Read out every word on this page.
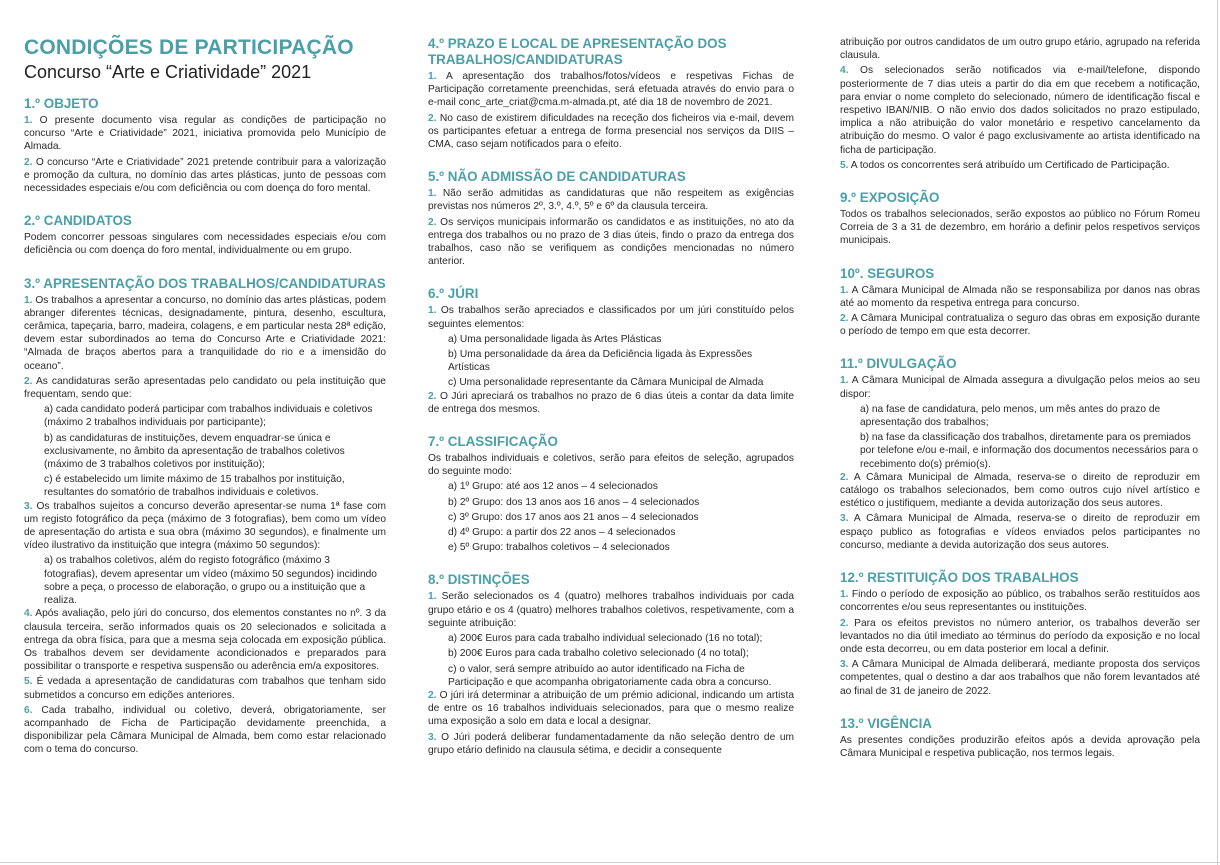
CONDIÇÕES DE PARTICIPAÇÃO
Concurso “Arte e Criatividade” 2021
1.º OBJETO
1. O presente documento visa regular as condições de participação no concurso “Arte e Criatividade” 2021, iniciativa promovida pelo Município de Almada.
2. O concurso “Arte e Criatividade” 2021 pretende contribuir para a valorização e promoção da cultura, no domínio das artes plásticas, junto de pessoas com necessidades especiais e/ou com deficiência ou com doença do foro mental.
2.º CANDIDATOS
Podem concorrer pessoas singulares com necessidades especiais e/ou com deficiência ou com doença do foro mental, individualmente ou em grupo.
3.º APRESENTAÇÃO DOS TRABALHOS/CANDIDATURAS
1. Os trabalhos a apresentar a concurso, no domínio das artes plásticas, podem abranger diferentes técnicas, designadamente, pintura, desenho, escultura, cerâmica, tapeçaria, barro, madeira, colagens, e em particular nesta 28ª edição, devem estar subordinados ao tema do Concurso Arte e Criatividade 2021: “Almada de braços abertos para a tranquilidade do rio e a imensidão do oceano”.
2. As candidaturas serão apresentadas pelo candidato ou pela instituição que frequentam, sendo que:
a) cada candidato poderá participar com trabalhos individuais e coletivos (máximo 2 trabalhos individuais por participante);
b) as candidaturas de instituições, devem enquadrar-se única e exclusivamente, no âmbito da apresentação de trabalhos coletivos (máximo de 3 trabalhos coletivos por instituição);
c) é estabelecido um limite máximo de 15 trabalhos por instituição, resultantes do somatório de trabalhos individuais e coletivos.
3. Os trabalhos sujeitos a concurso deverão apresentar-se numa 1ª fase com um registo fotográfico da peça (máximo de 3 fotografias), bem como um vídeo de apresentação do artista e sua obra (máximo 30 segundos), e finalmente um vídeo ilustrativo da instituição que integra (máximo 50 segundos):
a) os trabalhos coletivos, além do registo fotográfico (máximo 3 fotografias), devem apresentar um vídeo (máximo 50 segundos) incidindo sobre a peça, o processo de elaboração, o grupo ou a instituição que a realiza.
4. Após avaliação, pelo júri do concurso, dos elementos constantes no nº. 3 da clausula terceira, serão informados quais os 20 selecionados e solicitada a entrega da obra física, para que a mesma seja colocada em exposição pública. Os trabalhos devem ser devidamente acondicionados e preparados para possibilitar o transporte e respetiva suspensão ou aderência em/a expositores.
5. É vedada a apresentação de candidaturas com trabalhos que tenham sido submetidos a concurso em edições anteriores.
6. Cada trabalho, individual ou coletivo, deverá, obrigatoriamente, ser acompanhado de Ficha de Participação devidamente preenchida, a disponibilizar pela Câmara Municipal de Almada, bem como estar relacionado com o tema do concurso.
4.º PRAZO E LOCAL DE APRESENTAÇÃO DOS TRABALHOS/CANDIDATURAS
1. A apresentação dos trabalhos/fotos/vídeos e respetivas Fichas de Participação corretamente preenchidas, será efetuada através do envio para o e-mail conc_arte_criat@cma.m-almada.pt, até dia 18 de novembro de 2021.
2. No caso de existirem dificuldades na receção dos ficheiros via e-mail, devem os participantes efetuar a entrega de forma presencial nos serviços da DIIS – CMA, caso sejam notificados para o efeito.
5.º NÃO ADMISSÃO DE CANDIDATURAS
1. Não serão admitidas as candidaturas que não respeitem as exigências previstas nos números 2º, 3.º, 4.º, 5º e 6º da clausula terceira.
2. Os serviços municipais informarão os candidatos e as instituições, no ato da entrega dos trabalhos ou no prazo de 3 dias úteis, findo o prazo da entrega dos trabalhos, caso não se verifiquem as condições mencionadas no número anterior.
6.º JÚRI
1. Os trabalhos serão apreciados e classificados por um júri constituído pelos seguintes elementos:
a) Uma personalidade ligada às Artes Plásticas
b) Uma personalidade da área da Deficiência ligada às Expressões Artísticas
c) Uma personalidade representante da Câmara Municipal de Almada
2. O Júri apreciará os trabalhos no prazo de 6 dias úteis a contar da data limite de entrega dos mesmos.
7.º CLASSIFICAÇÃO
Os trabalhos individuais e coletivos, serão para efeitos de seleção, agrupados do seguinte modo:
a) 1º Grupo: até aos 12 anos – 4 selecionados
b) 2º Grupo: dos 13 anos aos 16 anos – 4 selecionados
c) 3º Grupo: dos 17 anos aos 21 anos – 4 selecionados
d) 4º Grupo: a partir dos 22 anos – 4 selecionados
e) 5º Grupo: trabalhos coletivos – 4 selecionados
8.º DISTINÇÕES
1. Serão selecionados os 4 (quatro) melhores trabalhos individuais por cada grupo etário e os 4 (quatro) melhores trabalhos coletivos, respetivamente, com a seguinte atribuição:
a) 200€ Euros para cada trabalho individual selecionado (16 no total);
b) 200€ Euros para cada trabalho coletivo selecionado (4 no total);
c) o valor, será sempre atribuído ao autor identificado na Ficha de Participação e que acompanha obrigatoriamente cada obra a concurso.
2. O júri irá determinar a atribuição de um prémio adicional, indicando um artista de entre os 16 trabalhos individuais selecionados, para que o mesmo realize uma exposição a solo em data e local a designar.
3. O Júri poderá deliberar fundamentadamente da não seleção dentro de um grupo etário definido na clausula sétima, e decidir a consequente
atribuição por outros candidatos de um outro grupo etário, agrupado na referida clausula.
4. Os selecionados serão notificados via e-mail/telefone, dispondo posteriormente de 7 dias uteis a partir do dia em que recebem a notificação, para enviar o nome completo do selecionado, número de identificação fiscal e respetivo IBAN/NIB. O não envio dos dados solicitados no prazo estipulado, implica a não atribuição do valor monetário e respetivo cancelamento da atribuição do mesmo. O valor é pago exclusivamente ao artista identificado na ficha de participação.
5. A todos os concorrentes será atribuído um Certificado de Participação.
9.º EXPOSIÇÃO
Todos os trabalhos selecionados, serão expostos ao público no Fórum Romeu Correia de 3 a 31 de dezembro, em horário a definir pelos respetivos serviços municipais.
10º. SEGUROS
1. A Câmara Municipal de Almada não se responsabiliza por danos nas obras até ao momento da respetiva entrega para concurso.
2. A Câmara Municipal contratualiza o seguro das obras em exposição durante o período de tempo em que esta decorrer.
11.º DIVULGAÇÃO
1. A Câmara Municipal de Almada assegura a divulgação pelos meios ao seu dispor:
a) na fase de candidatura, pelo menos, um mês antes do prazo de apresentação dos trabalhos;
b) na fase da classificação dos trabalhos, diretamente para os premiados por telefone e/ou e-mail, e informação dos documentos necessários para o recebimento do(s) prémio(s).
2. A Câmara Municipal de Almada, reserva-se o direito de reproduzir em catálogo os trabalhos selecionados, bem como outros cujo nível artístico e estético o justifiquem, mediante a devida autorização dos seus autores.
3. A Câmara Municipal de Almada, reserva-se o direito de reproduzir em espaço publico as fotografias e vídeos enviados pelos participantes no concurso, mediante a devida autorização dos seus autores.
12.º RESTITUIÇÃO DOS TRABALHOS
1. Findo o período de exposição ao público, os trabalhos serão restituídos aos concorrentes e/ou seus representantes ou instituições.
2. Para os efeitos previstos no número anterior, os trabalhos deverão ser levantados no dia útil imediato ao términus do período da exposição e no local onde esta decorreu, ou em data posterior em local a definir.
3. A Câmara Municipal de Almada deliberará, mediante proposta dos serviços competentes, qual o destino a dar aos trabalhos que não forem levantados até ao final de 31 de janeiro de 2022.
13.º VIGÊNCIA
As presentes condições produzirão efeitos após a devida aprovação pela Câmara Municipal e respetiva publicação, nos termos legais.
